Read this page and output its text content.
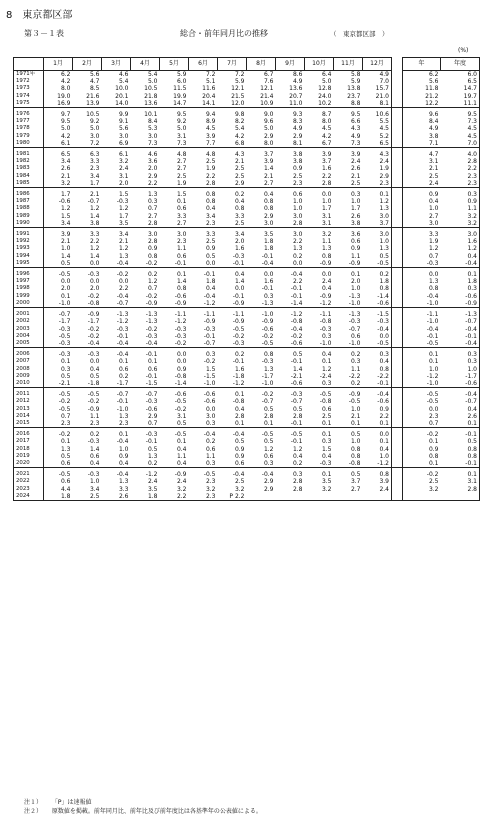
8　東京都区部
第３－１表	総合・前年同月比の推移	（　東京都区部　）
(%)
	1月	2月	3月	4月	5月	6月	7月	8月	9月	10月	11月	12月		年	年度
1971年	6.2	5.6	4.6	5.4	5.9	7.2	7.2	6.7	8.6	6.4	5.8	4.9		6.2	6.0
1972	4.2	4.7	5.4	5.0	6.0	5.1	5.9	7.6	4.9	5.0	5.9	7.0		5.6	6.5
1973	8.0	8.5	10.0	10.5	11.5	11.6	12.1	12.1	13.6	12.8	13.8	15.7		11.8	14.7
1974	19.0	21.6	20.1	21.8	19.9	20.4	21.5	21.4	20.7	24.0	23.7	21.0		21.2	19.7
1975	16.9	13.9	14.0	13.6	14.7	14.1	12.0	10.9	11.0	10.2	8.8	8.1		12.2	11.1
1976	9.7	10.5	9.9	10.1	9.5	9.4	9.8	9.0	9.3	8.7	9.5	10.6		9.6	9.5
1977	9.5	9.2	9.1	8.4	9.2	8.9	8.2	9.6	8.3	8.0	6.6	5.5		8.4	7.3
1978	5.0	5.0	5.6	5.3	5.0	4.5	5.4	5.0	4.9	4.5	4.3	4.5		4.9	4.5
1979	4.2	3.0	3.0	3.0	3.1	3.9	4.2	2.9	2.9	4.2	4.9	5.2		3.8	4.5
1980	6.1	7.2	6.9	7.3	7.3	7.7	6.8	8.0	8.1	6.7	7.3	6.5		7.1	7.0
1981	6.5	6.3	6.1	4.6	4.8	4.8	4.3	3.7	3.8	3.9	3.9	4.3		4.7	4.0
1982	3.4	3.3	3.2	3.6	2.7	2.5	2.1	3.9	3.8	3.7	2.4	2.4		3.1	2.8
1983	2.6	2.3	2.4	2.0	2.7	1.9	2.5	1.4	0.9	1.6	2.6	1.9		2.1	2.2
1984	2.1	3.4	3.1	2.9	2.5	2.2	2.5	2.1	2.5	2.2	2.1	2.9		2.5	2.3
1985	3.2	1.7	2.0	2.2	1.9	2.8	2.9	2.7	2.3	2.8	2.5	2.3		2.4	2.3
1986	1.7	2.1	1.5	1.3	1.5	0.8	0.2	0.4	0.6	0.0	0.3	0.1		0.9	0.3
1987	-0.6	-0.7	-0.3	0.3	0.1	0.8	0.4	0.8	1.0	1.0	1.0	1.2		0.4	0.9
1988	1.2	1.2	1.2	0.7	0.6	0.4	0.8	0.8	1.0	1.7	1.7	1.3		1.0	1.1
1989	1.5	1.4	1.7	2.7	3.3	3.4	3.3	2.9	3.0	3.1	2.6	3.0		2.7	3.2
1990	3.4	3.8	3.5	2.8	2.7	2.3	2.5	3.0	2.8	3.1	3.8	3.7		3.0	3.2
1991	3.9	3.3	3.4	3.0	3.0	3.3	3.4	3.5	3.0	3.2	3.6	3.0		3.3	3.0
1992	2.1	2.2	2.1	2.8	2.3	2.5	2.0	1.8	2.2	1.1	0.6	1.0		1.9	1.6
1993	1.0	1.2	1.2	0.9	1.1	0.9	1.6	1.8	1.3	1.3	0.9	1.3		1.2	1.2
1994	1.4	1.4	1.3	0.8	0.6	0.5	-0.3	-0.1	0.2	0.8	1.1	0.5		0.7	0.4
1995	0.5	0.0	-0.4	-0.2	-0.1	0.0	-0.1	-0.4	0.0	-0.9	-0.9	-0.5		-0.3	-0.4
1996	-0.5	-0.3	-0.2	0.2	0.1	-0.1	0.4	0.0	-0.4	0.0	0.1	0.2		0.0	0.1
1997	0.0	0.0	0.0	1.2	1.4	1.8	1.4	1.6	2.2	2.4	2.0	1.8		1.3	1.8
1998	2.0	2.0	2.2	0.7	0.8	0.4	0.0	-0.1	-0.1	0.4	1.0	0.8		0.8	0.3
1999	0.1	-0.2	-0.4	-0.2	-0.6	-0.4	-0.1	0.3	-0.1	-0.9	-1.3	-1.4		-0.4	-0.6
2000	-1.0	-0.8	-0.7	-0.9	-0.9	-1.2	-0.9	-1.3	-1.4	-1.2	-1.0	-0.6		-1.0	-0.9
2001	-0.7	-0.9	-1.3	-1.3	-1.1	-1.1	-1.1	-1.0	-1.2	-1.1	-1.3	-1.5		-1.1	-1.3
2002	-1.7	-1.7	-1.2	-1.3	-1.2	-0.9	-0.9	-0.9	-0.8	-0.8	-0.3	-0.3		-1.0	-0.7
2003	-0.3	-0.2	-0.3	-0.2	-0.3	-0.3	-0.5	-0.6	-0.4	-0.3	-0.7	-0.4		-0.4	-0.4
2004	-0.5	-0.2	-0.1	-0.3	-0.3	-0.1	-0.2	-0.2	-0.2	0.3	0.6	0.0		-0.1	-0.1
2005	-0.3	-0.4	-0.4	-0.4	-0.2	-0.7	-0.3	-0.5	-0.6	-1.0	-1.0	-0.5		-0.5	-0.4
2006	-0.3	-0.3	-0.4	-0.1	0.0	0.3	0.2	0.8	0.5	0.4	0.2	0.3		0.1	0.3
2007	0.1	0.0	0.1	0.1	0.0	-0.2	-0.1	-0.3	-0.1	0.1	0.3	0.4		0.1	0.3
2008	0.3	0.4	0.6	0.6	0.9	1.5	1.6	1.3	1.4	1.2	1.1	0.8		1.0	1.0
2009	0.5	0.5	0.2	-0.1	-0.8	-1.5	-1.8	-1.7	-2.1	-2.4	-2.2	-2.2		-1.2	-1.7
2010	-2.1	-1.8	-1.7	-1.5	-1.4	-1.0	-1.2	-1.0	-0.6	0.3	0.2	-0.1		-1.0	-0.6
2011	-0.5	-0.5	-0.7	-0.7	-0.6	-0.6	0.1	-0.2	-0.3	-0.5	-0.9	-0.4		-0.5	-0.4
2012	-0.2	-0.2	-0.1	-0.3	-0.5	-0.6	-0.8	-0.7	-0.7	-0.8	-0.5	-0.6		-0.5	-0.7
2013	-0.5	-0.9	-1.0	-0.6	-0.2	0.0	0.4	0.5	0.5	0.6	1.0	0.9		0.0	0.4
2014	0.7	1.1	1.3	2.9	3.1	3.0	2.8	2.8	2.8	2.5	2.1	2.2		2.3	2.6
2015	2.3	2.3	2.3	0.7	0.5	0.3	0.1	0.1	-0.1	0.1	0.1	0.1		0.7	0.1
2016	-0.2	0.2	0.1	-0.3	-0.5	-0.4	-0.4	-0.5	-0.5	0.1	0.5	0.0		-0.2	-0.1
2017	0.1	-0.3	-0.4	-0.1	0.1	0.2	0.5	0.5	-0.1	0.3	1.0	0.1		0.1	0.5
2018	1.3	1.4	1.0	0.5	0.4	0.6	0.9	1.2	1.2	1.5	0.8	0.4		0.9	0.8
2019	0.5	0.6	0.9	1.3	1.1	1.1	0.9	0.6	0.4	0.4	0.8	1.0		0.8	0.8
2020	0.6	0.4	0.4	0.2	0.4	0.3	0.6	0.3	0.2	-0.3	-0.8	-1.2		0.1	-0.1
2021	-0.5	-0.3	-0.4	-1.2	-0.9	-0.5	-0.4	-0.4	0.3	0.1	0.5	0.8		-0.2	0.1
2022	0.6	1.0	1.3	2.4	2.4	2.3	2.5	2.9	2.8	3.5	3.7	3.9		2.5	3.1
2023	4.4	3.4	3.3	3.5	3.2	3.2	3.2	2.9	2.8	3.2	2.7	2.4		3.2	2.8
2024	1.8	2.5	2.6	1.8	2.2	2.3	P 2.2								
注１） 「P」は速報値
注２） 原数値を掲載。前年同月比、前年比及び前年度比は各基準年の公表値による。
